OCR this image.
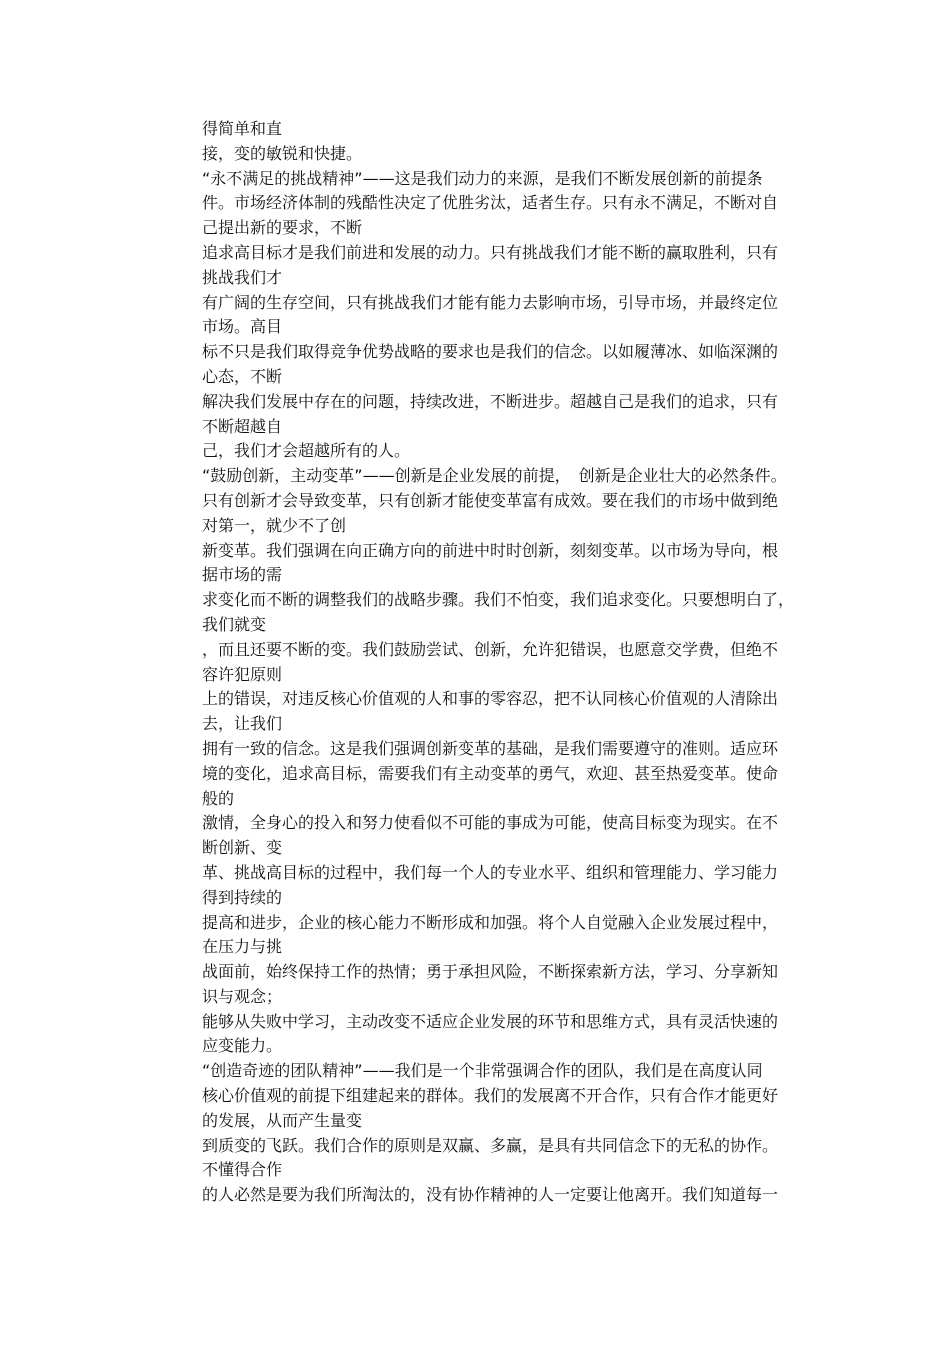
得简单和直
接，变的敏锐和快捷。
“永不满足的挑战精神”——这是我们动力的来源，是我们不断发展创新的前提条
件。市场经济体制的残酷性决定了优胜劣汰，适者生存。只有永不满足，不断对自
己提出新的要求，不断
追求高目标才是我们前进和发展的动力。只有挑战我们才能不断的赢取胜利，只有
挑战我们才
有广阔的生存空间，只有挑战我们才能有能力去影响市场，引导市场，并最终定位
市场。高目
标不只是我们取得竞争优势战略的要求也是我们的信念。以如履薄冰、如临深渊的
心态，不断
解决我们发展中存在的问题，持续改进，不断进步。超越自己是我们的追求，只有
不断超越自
己，我们才会超越所有的人。
“鼓励创新，主动变革”——创新是企业发展的前提，　创新是企业壮大的必然条件。
只有创新才会导致变革，只有创新才能使变革富有成效。要在我们的市场中做到绝
对第一，就少不了创
新变革。我们强调在向正确方向的前进中时时创新，刻刻变革。以市场为导向，根
据市场的需
求变化而不断的调整我们的战略步骤。我们不怕变，我们追求变化。只要想明白了，
我们就变
，而且还要不断的变。我们鼓励尝试、创新，允许犯错误，也愿意交学费，但绝不
容许犯原则
上的错误，对违反核心价值观的人和事的零容忍，把不认同核心价值观的人清除出
去，让我们
拥有一致的信念。这是我们强调创新变革的基础，是我们需要遵守的准则。适应环
境的变化，追求高目标，需要我们有主动变革的勇气，欢迎、甚至热爱变革。使命
般的
激情，全身心的投入和努力使看似不可能的事成为可能，使高目标变为现实。在不
断创新、变
革、挑战高目标的过程中，我们每一个人的专业水平、组织和管理能力、学习能力
得到持续的
提高和进步，企业的核心能力不断形成和加强。将个人自觉融入企业发展过程中，
在压力与挑
战面前，始终保持工作的热情；勇于承担风险，不断探索新方法，学习、分享新知
识与观念；
能够从失败中学习，主动改变不适应企业发展的环节和思维方式，具有灵活快速的
应变能力。
“创造奇迹的团队精神”——我们是一个非常强调合作的团队，我们是在高度认同
核心价值观的前提下组建起来的群体。我们的发展离不开合作，只有合作才能更好
的发展，从而产生量变
到质变的飞跃。我们合作的原则是双赢、多赢，是具有共同信念下的无私的协作。
不懂得合作
的人必然是要为我们所淘汰的，没有协作精神的人一定要让他离开。我们知道每一
